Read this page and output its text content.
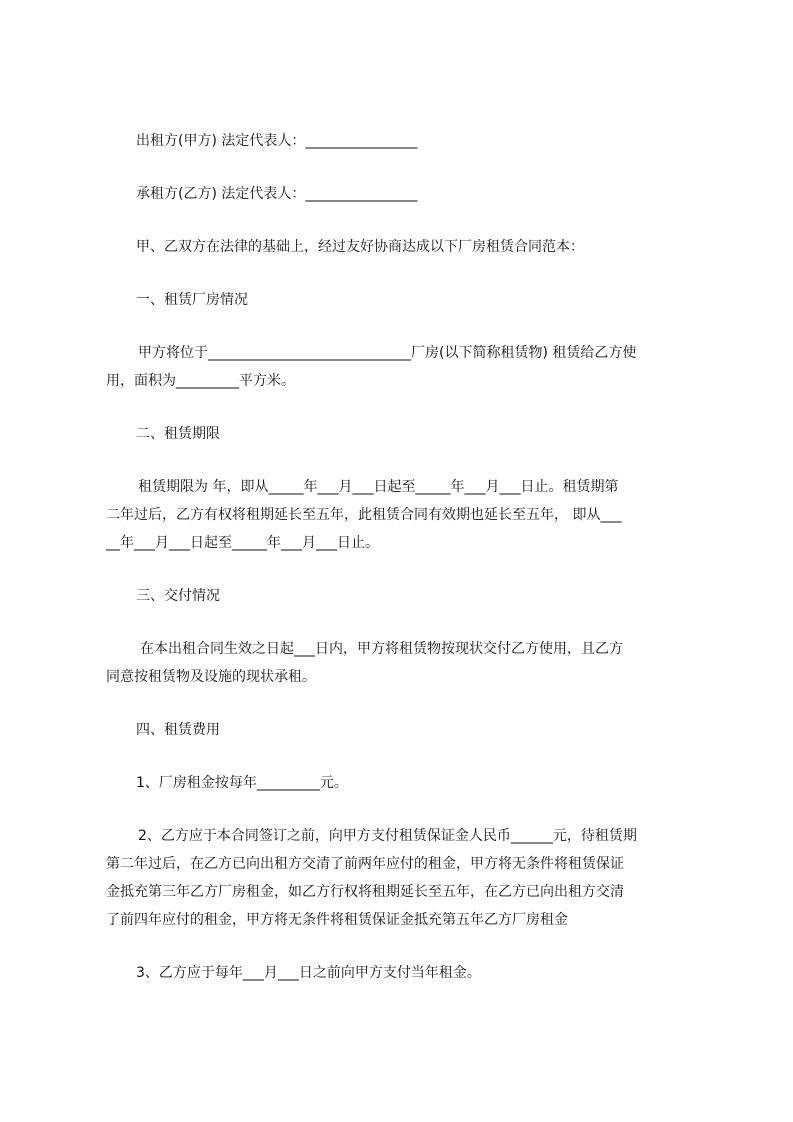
出租方(甲方) 法定代表人：________________
承租方(乙方) 法定代表人：________________
甲、乙双方在法律的基础上，经过友好协商达成以下厂房租赁合同范本：
一、租赁厂房情况
甲方将位于_____________________________厂房(以下简称租赁物) 租赁给乙方使
用，面积为_________平方米。
二、租赁期限
租赁期限为 年，即从_____年___月___日起至_____年___月___日止。租赁期第
二年过后，乙方有权将租期延长至五年，此租赁合同有效期也延长至五年， 即从___
__年___月___日起至_____年___月___日止。
三、交付情况
在本出租合同生效之日起___日内，甲方将租赁物按现状交付乙方使用，且乙方
同意按租赁物及设施的现状承租。
四、租赁费用
1、厂房租金按每年_________元。
2、乙方应于本合同签订之前，向甲方支付租赁保证金人民币______元，待租赁期
第二年过后，在乙方已向出租方交清了前两年应付的租金，甲方将无条件将租赁保证
金抵充第三年乙方厂房租金，如乙方行权将租期延长至五年，在乙方已向出租方交清
了前四年应付的租金，甲方将无条件将租赁保证金抵充第五年乙方厂房租金
3、乙方应于每年___月___日之前向甲方支付当年租金。
